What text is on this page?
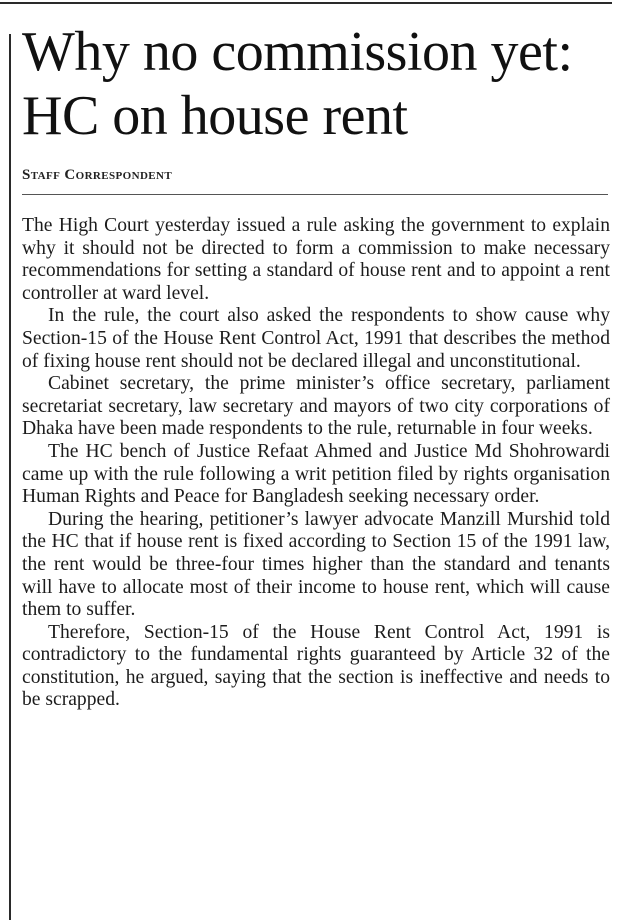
Why no commission yet: HC on house rent
Staff Correspondent

The High Court yesterday issued a rule asking the government to explain why it should not be directed to form a commission to make necessary recommendations for setting a standard of house rent and to appoint a rent controller at ward level.

In the rule, the court also asked the respondents to show cause why Section-15 of the House Rent Control Act, 1991 that describes the method of fixing house rent should not be declared illegal and unconstitutional.

Cabinet secretary, the prime minister’s office secretary, parliament secretariat secretary, law secretary and mayors of two city corporations of Dhaka have been made respondents to the rule, returnable in four weeks.

The HC bench of Justice Refaat Ahmed and Justice Md Shohrowardi came up with the rule following a writ petition filed by rights organisation Human Rights and Peace for Bangladesh seeking necessary order.

During the hearing, petitioner’s lawyer advocate Manzill Murshid told the HC that if house rent is fixed according to Section 15 of the 1991 law, the rent would be three-four times higher than the standard and tenants will have to allocate most of their income to house rent, which will cause them to suffer.

Therefore, Section-15 of the House Rent Control Act, 1991 is contradictory to the fundamental rights guaranteed by Article 32 of the constitution, he argued, saying that the section is ineffective and needs to be scrapped.
